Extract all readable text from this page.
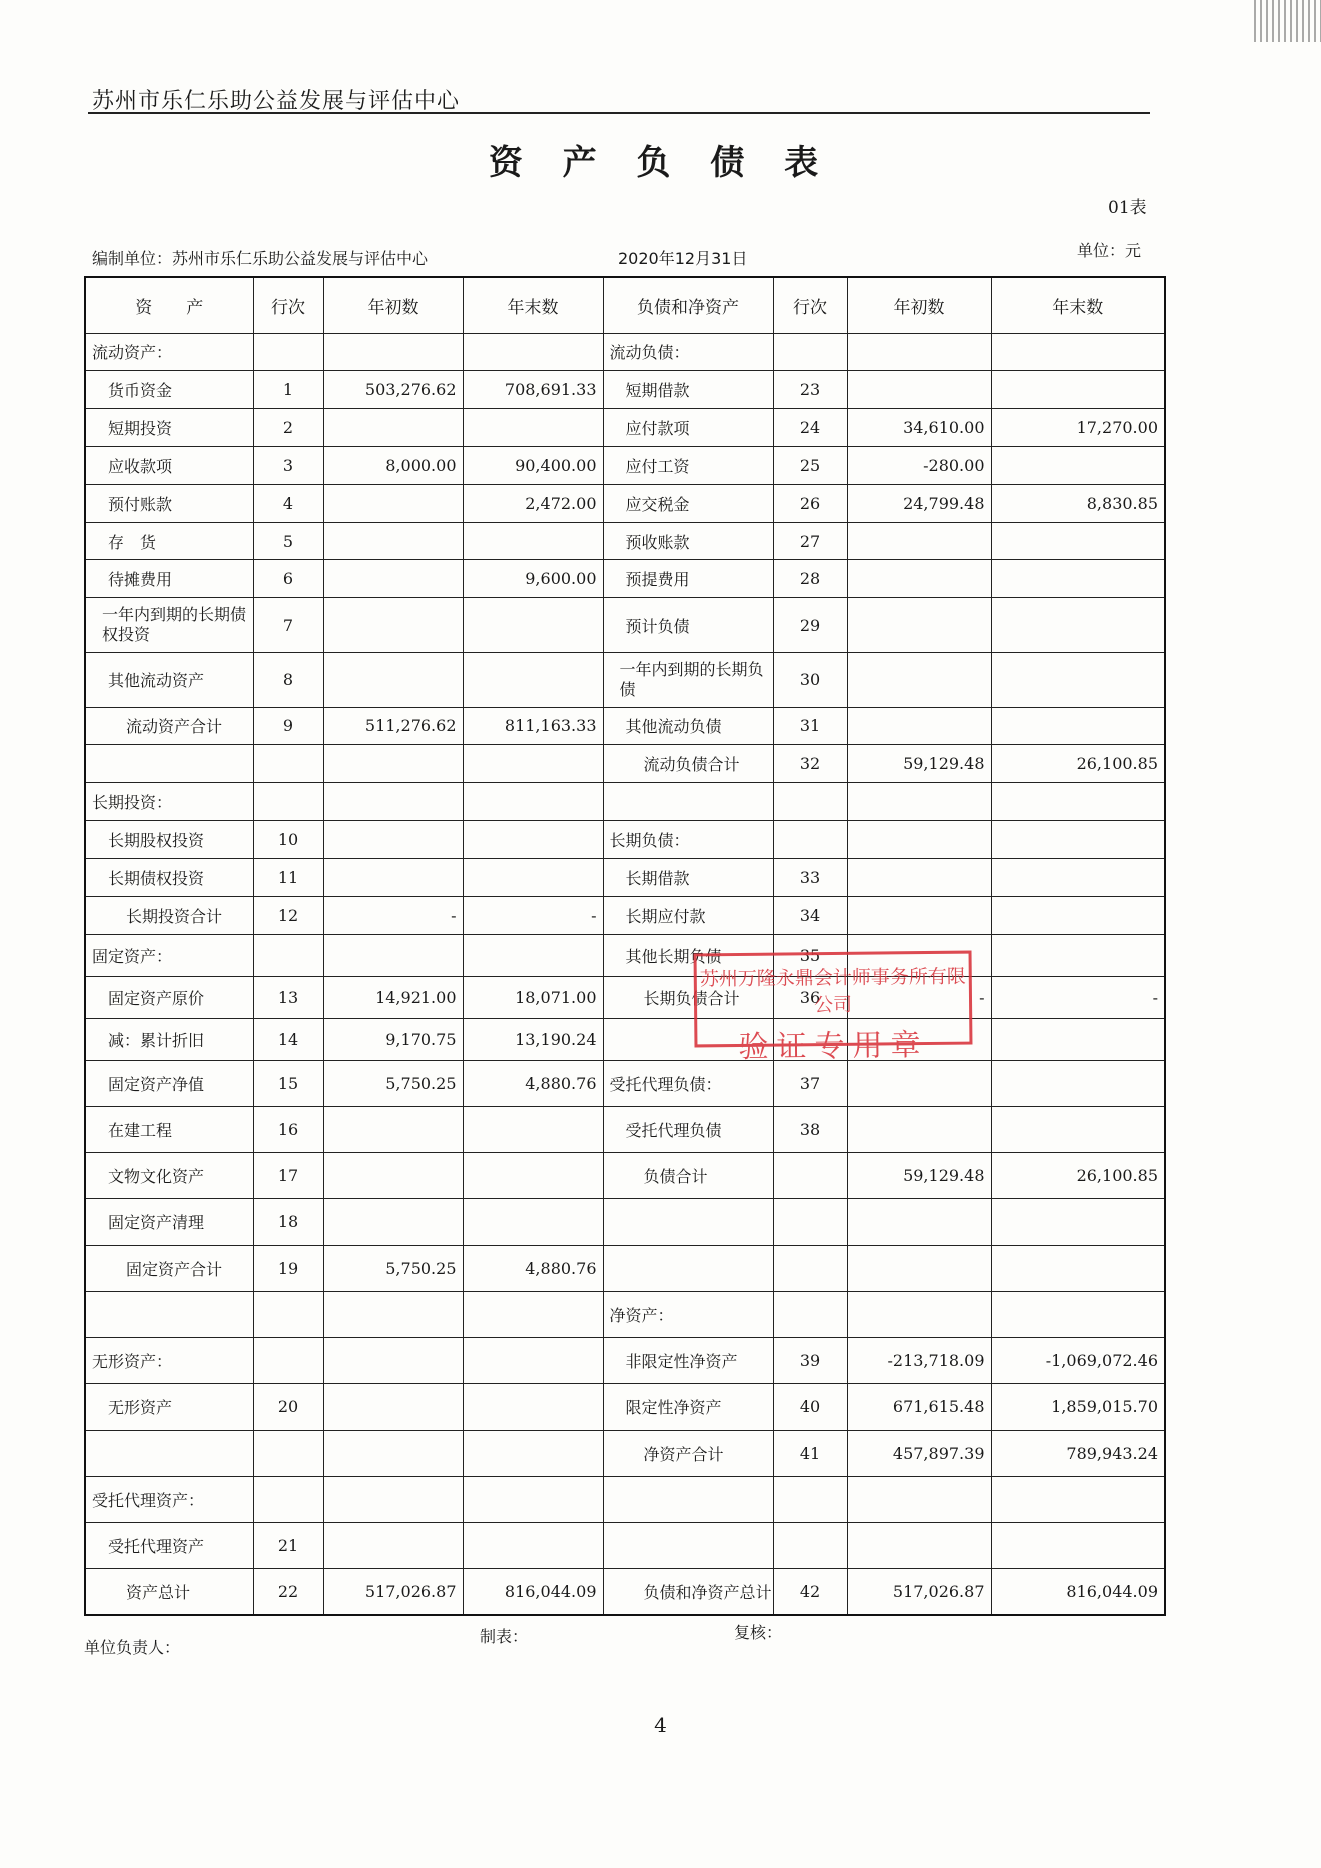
苏州市乐仁乐助公益发展与评估中心
资 产 负 债 表
01表
编制单位：苏州市乐仁乐助公益发展与评估中心	2020年12月31日	单位：元
资　　产	行次	年初数	年末数	负债和净资产	行次	年初数	年末数
流动资产：				流动负债：			
货币资金	1	503,276.62	708,691.33	短期借款	23		
短期投资	2			应付款项	24	34,610.00	17,270.00
应收款项	3	8,000.00	90,400.00	应付工资	25	-280.00	
预付账款	4		2,472.00	应交税金	26	24,799.48	8,830.85
存　货	5			预收账款	27		
待摊费用	6		9,600.00	预提费用	28		
一年内到期的长期债权投资	7			预计负债	29		
其他流动资产	8			一年内到期的长期负债	30		
流动资产合计	9	511,276.62	811,163.33	其他流动负债	31		
				流动负债合计	32	59,129.48	26,100.85
长期投资：							
长期股权投资	10			长期负债：			
长期债权投资	11			长期借款	33		
长期投资合计	12	-	-	长期应付款	34		
固定资产：				其他长期负债	35		
固定资产原价	13	14,921.00	18,071.00	长期负债合计	36	-	-
减：累计折旧	14	9,170.75	13,190.24				
固定资产净值	15	5,750.25	4,880.76	受托代理负债：	37		
在建工程	16			受托代理负债	38		
文物文化资产	17			负债合计		59,129.48	26,100.85
固定资产清理	18						
固定资产合计	19	5,750.25	4,880.76				
				净资产：			
无形资产：				非限定性净资产	39	-213,718.09	-1,069,072.46
无形资产	20			限定性净资产	40	671,615.48	1,859,015.70
				净资产合计	41	457,897.39	789,943.24
受托代理资产：							
受托代理资产	21						
资产总计	22	517,026.87	816,044.09	负债和净资产总计	42	517,026.87	816,044.09
苏州万隆永鼎会计师事务所有限公司
验证专用章
单位负责人：
制表：	复核：
4
